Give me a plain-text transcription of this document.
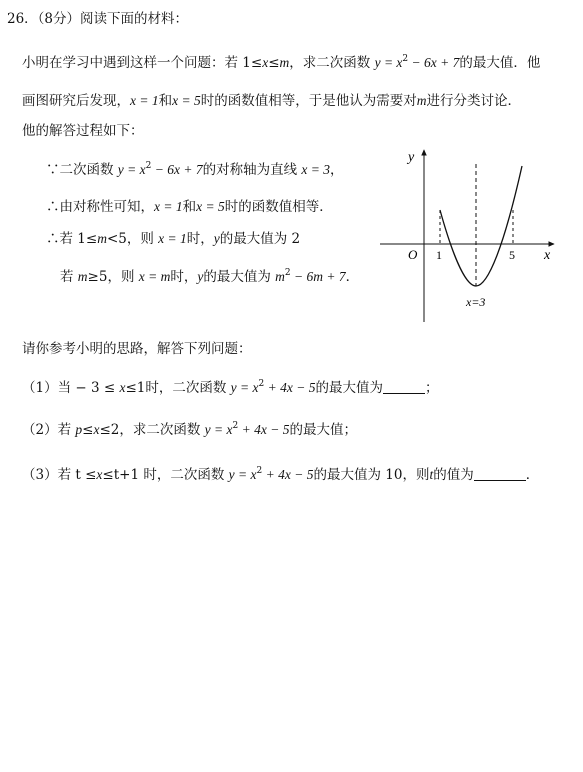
26．（8分）阅读下面的材料：
小明在学习中遇到这样一个问题：若 1≤x≤m，求二次函数 $y = x^2 - 6x + 7$的最大值．他
画图研究后发现，x = 1和x = 5时的函数值相等，于是他认为需要对m进行分类讨论．
他的解答过程如下：
∵二次函数 $y = x^2 - 6x + 7$的对称轴为直线 x = 3，
∴由对称性可知，x = 1和x = 5时的函数值相等．
∴若 1≤m<5，则 x = 1时，y的最大值为 2
若 m≥5，则 x = m时，y的最大值为 $m^2 - 6m + 7$．
y
x
O 1	5
x=3
请你参考小明的思路，解答下列问题：
（1）当 − 3 ≤ x≤1时，二次函数 $y = x^2 + 4x - 5$的最大值为	；
（2）若 p≤x≤2，求二次函数 $y = x^2 + 4x - 5$的最大值；
（3）若 t ≤x≤t+1 时，二次函数 $y = x^2 + 4x - 5$的最大值为 10，则t的值为	．
